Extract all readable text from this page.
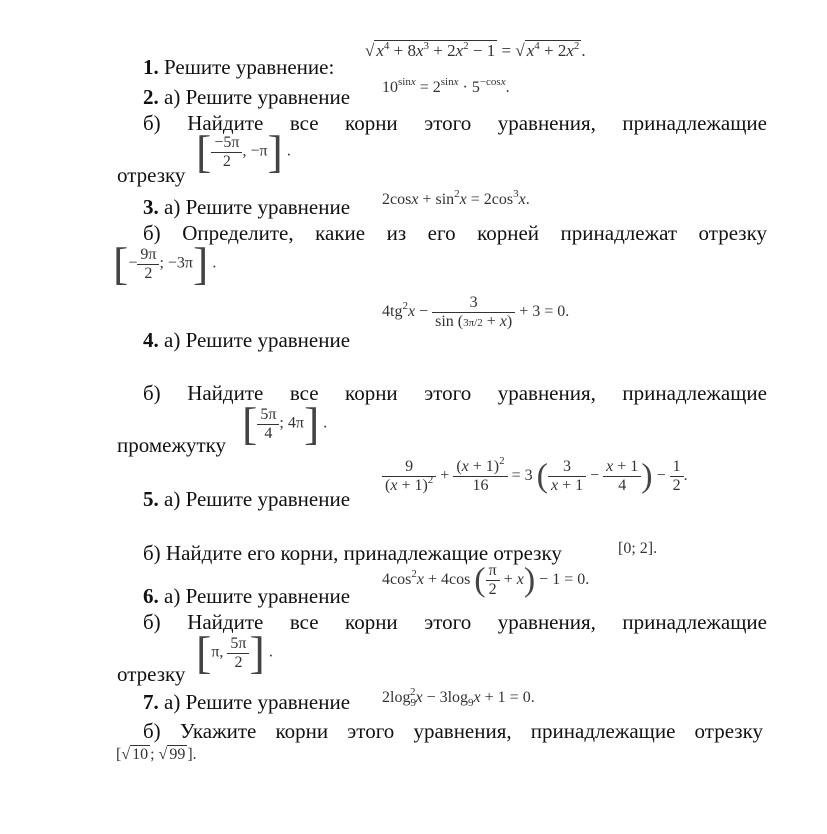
1. Решите уравнение:
√ $x^4 + 8x^3 + 2x^2 - 1$ = √ $x^4 + 2x^2$ .
2. а) Решите уравнение $10^{sinx} = 2^{sinx} \cdot 5^{-cosx}$.
б) Найдите все корни этого уравнения, принадлежащие
отрезку [ $\frac{-5\pi}{2}$ , −π] .
3. а) Решите уравнение $2\cos x + \sin^2x = 2\cos^3x$.
б) Определите, какие из его корней принадлежат отрезку
[− $\frac{9\pi}{2}$ ; −3π] .
4. а) Решите уравнение
$4tg^2x - \frac{3}{\sin (3\pi/2 + x)} + 3 = 0$.
б) Найдите все корни этого уравнения, принадлежащие
промежутку [ $\frac{5\pi}{4}$ ; 4π] .
5. а) Решите уравнение
$\frac{9}{(x + 1)^2} + \frac{(x + 1)^2}{16} = 3$ ( $\frac{3}{x + 1} - \frac{x + 1}{4}$ ) − $\frac{1}{2}$ .
б) Найдите его корни, принадлежащие отрезку	[0; 2].
6. а) Решите уравнение
$4\cos^2x + 4\cos$ ( $\frac{\pi}{2} + x) - 1 = 0$.
б) Найдите все корни этого уравнения, принадлежащие
отрезку [π, $\frac{5\pi}{2}$ ] .
7. а) Решите уравнение $2\log_9^2x - 3\log_9x + 1 = 0$.
б) Укажите корни этого уравнения, принадлежащие отрезку
[√ 10 ; √ 99 ].
